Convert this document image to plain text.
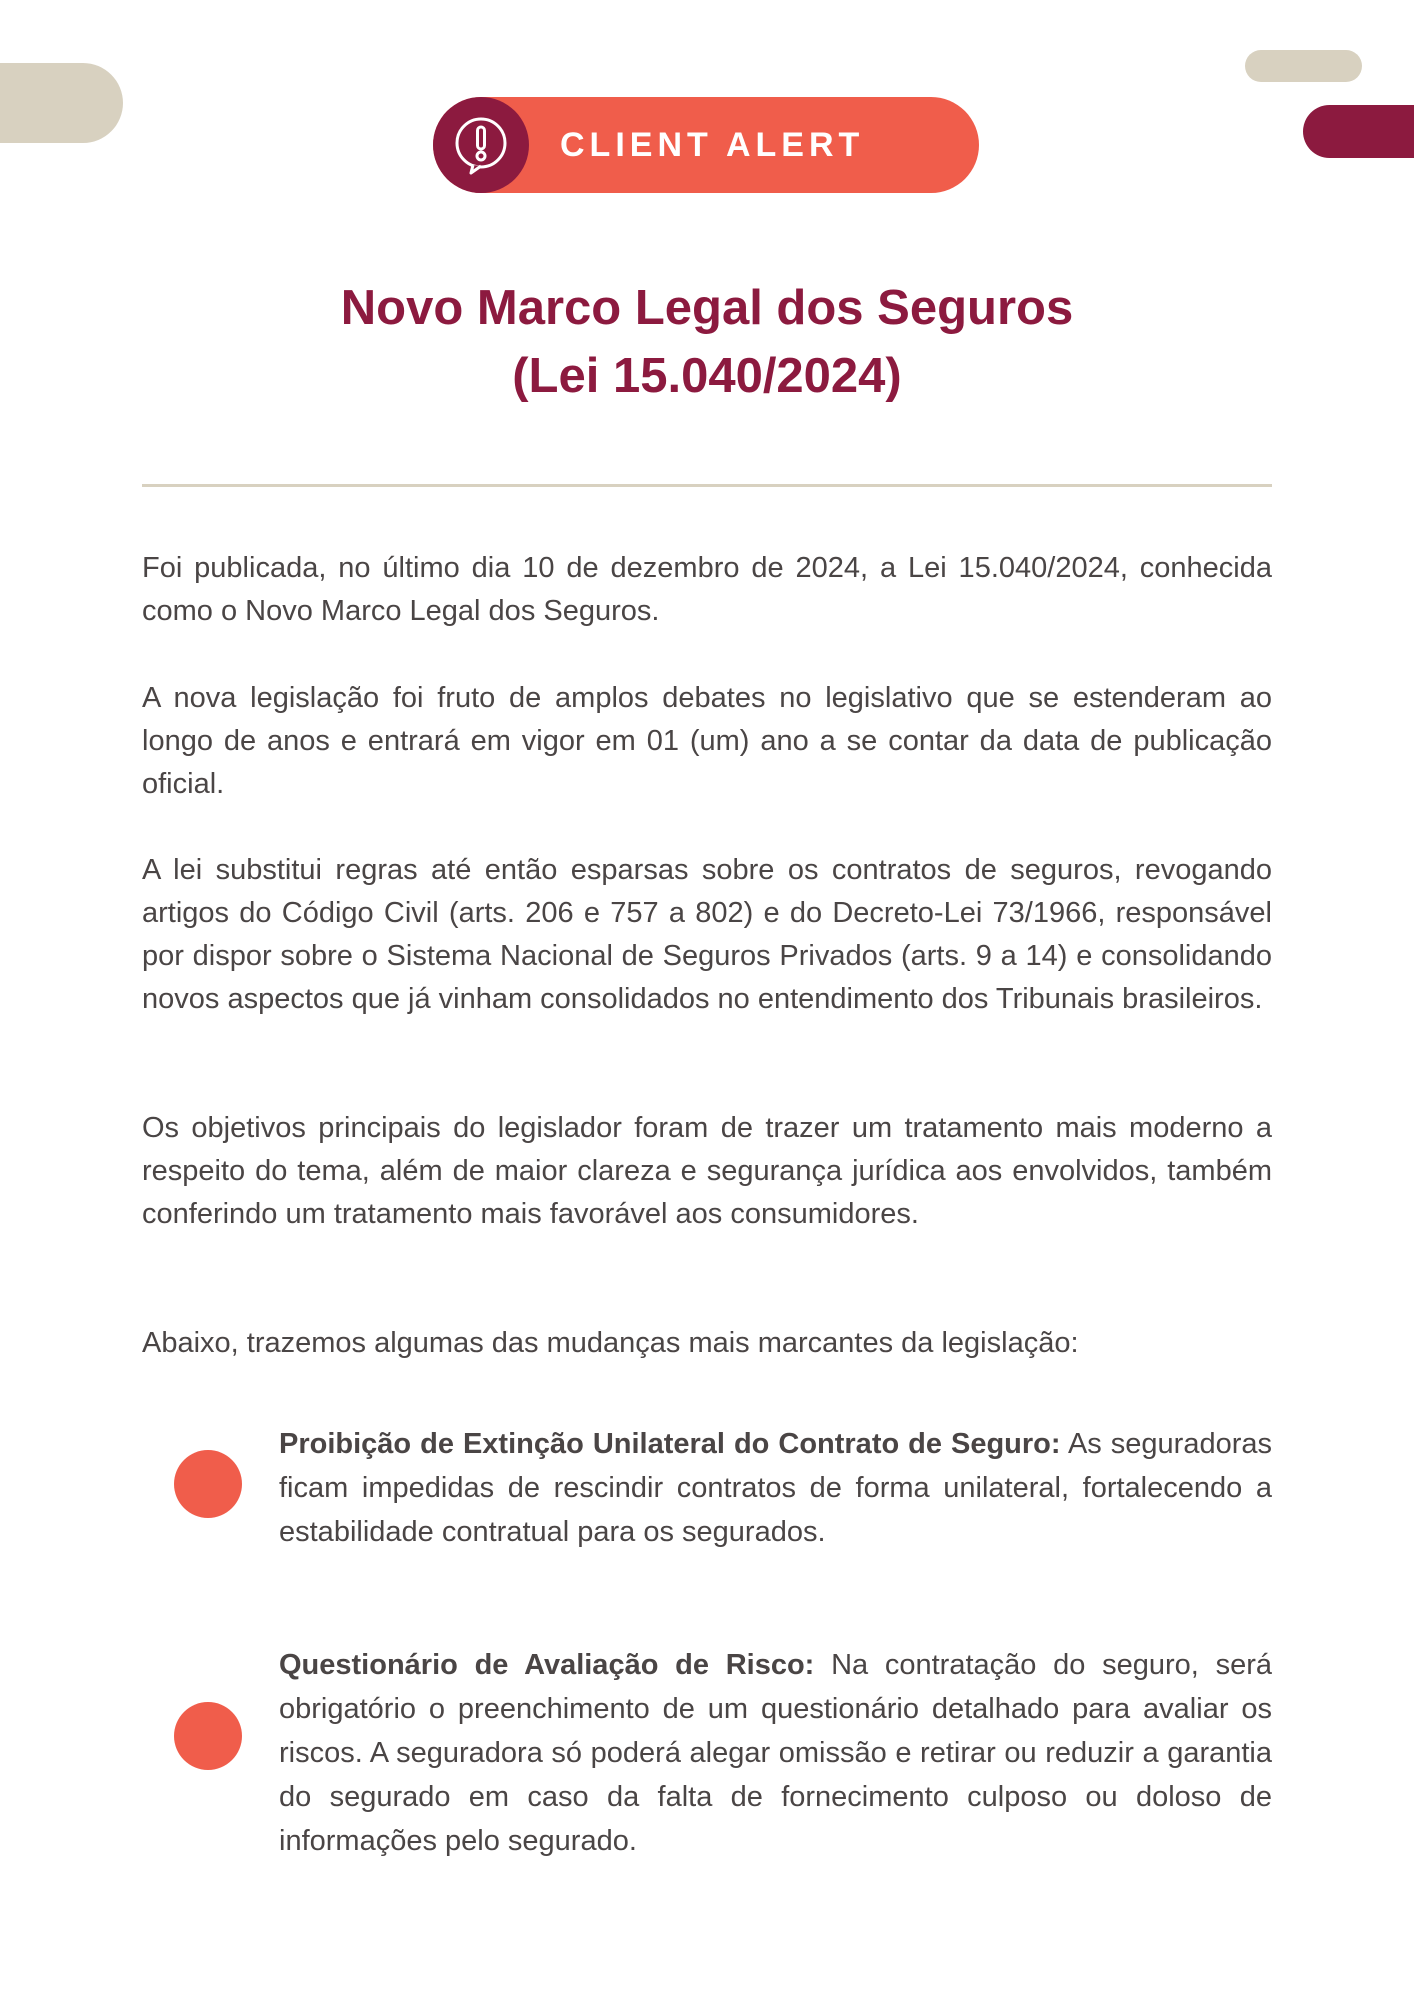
CLIENT ALERT
Novo Marco Legal dos Seguros
(Lei 15.040/2024)

Foi publicada, no último dia 10 de dezembro de 2024, a Lei 15.040/2024, conhecida como o Novo Marco Legal dos Seguros.

A nova legislação foi fruto de amplos debates no legislativo que se estenderam ao longo de anos e entrará em vigor em 01 (um) ano a se contar da data de publicação oficial.

A lei substitui regras até então esparsas sobre os contratos de seguros, revogando artigos do Código Civil (arts. 206 e 757 a 802) e do Decreto-Lei 73/1966, responsável por dispor sobre o Sistema Nacional de Seguros Privados (arts. 9 a 14) e consolidando novos aspectos que já vinham consolidados no entendimento dos Tribunais brasileiros.

Os objetivos principais do legislador foram de trazer um tratamento mais moderno a respeito do tema, além de maior clareza e segurança jurídica aos envolvidos, também conferindo um tratamento mais favorável aos consumidores.

Abaixo, trazemos algumas das mudanças mais marcantes da legislação:

Proibição de Extinção Unilateral do Contrato de Seguro: As seguradoras ficam impedidas de rescindir contratos de forma unilateral, fortalecendo a estabilidade contratual para os segurados.

Questionário de Avaliação de Risco: Na contratação do seguro, será obrigatório o preenchimento de um questionário detalhado para avaliar os riscos. A seguradora só poderá alegar omissão e retirar ou reduzir a garantia do segurado em caso da falta de fornecimento culposo ou doloso de informações pelo segurado.
